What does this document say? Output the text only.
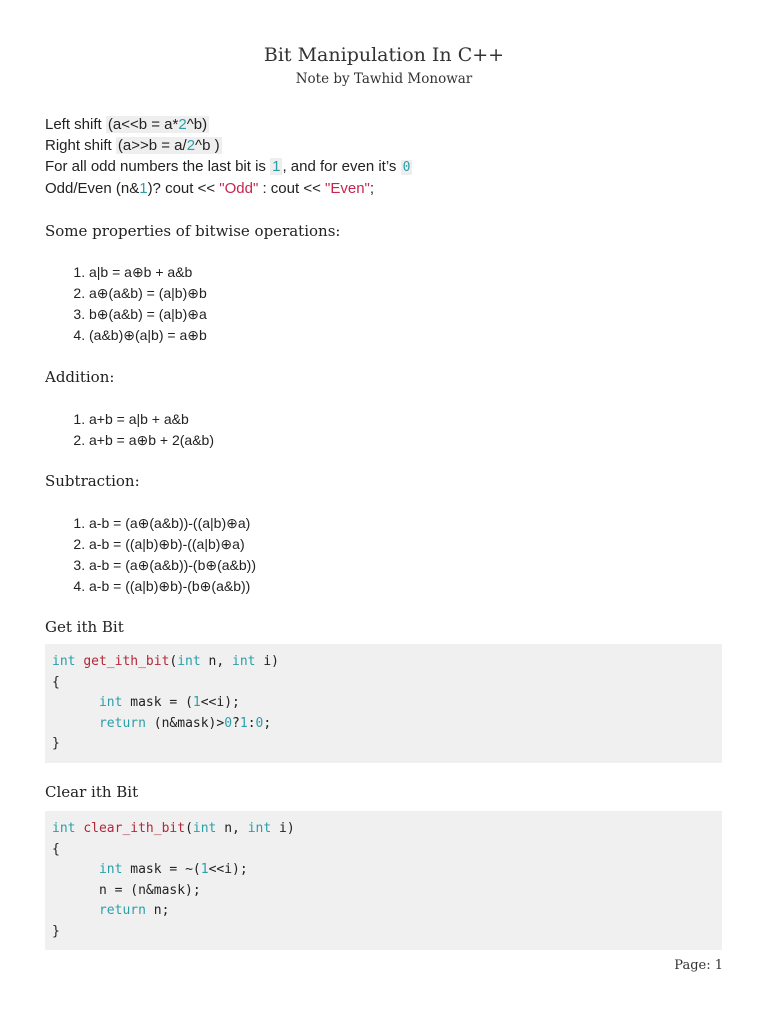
Bit Manipulation In C++
Note by Tawhid Monowar
Left shift (a<<b = a*2^b)
Right shift (a>>b = a/2^b )
For all odd numbers the last bit is 1 , and for even it’s 0
Odd/Even (n&1)? cout << "Odd" : cout << "Even";
Some properties of bitwise operations:
1. a|b = a⊕b + a&b
2. a⊕(a&b) = (a|b)⊕b
3. b⊕(a&b) = (a|b)⊕a
4. (a&b)⊕(a|b) = a⊕b
Addition:
1. a+b = a|b + a&b
2. a+b = a⊕b + 2(a&b)
Subtraction:
1. a-b = (a⊕(a&b))-((a|b)⊕a)
2. a-b = ((a|b)⊕b)-((a|b)⊕a)
3. a-b = (a⊕(a&b))-(b⊕(a&b))
4. a-b = ((a|b)⊕b)-(b⊕(a&b))
Get ith Bit
int get_ith_bit(int n, int i)
{
int mask = (1<<i);
return (n&mask)>0?1:0;
}
Clear ith Bit
int clear_ith_bit(int n, int i)
{
int mask = ~(1<<i);
n = (n&mask);
return n;
}
Page: 1
